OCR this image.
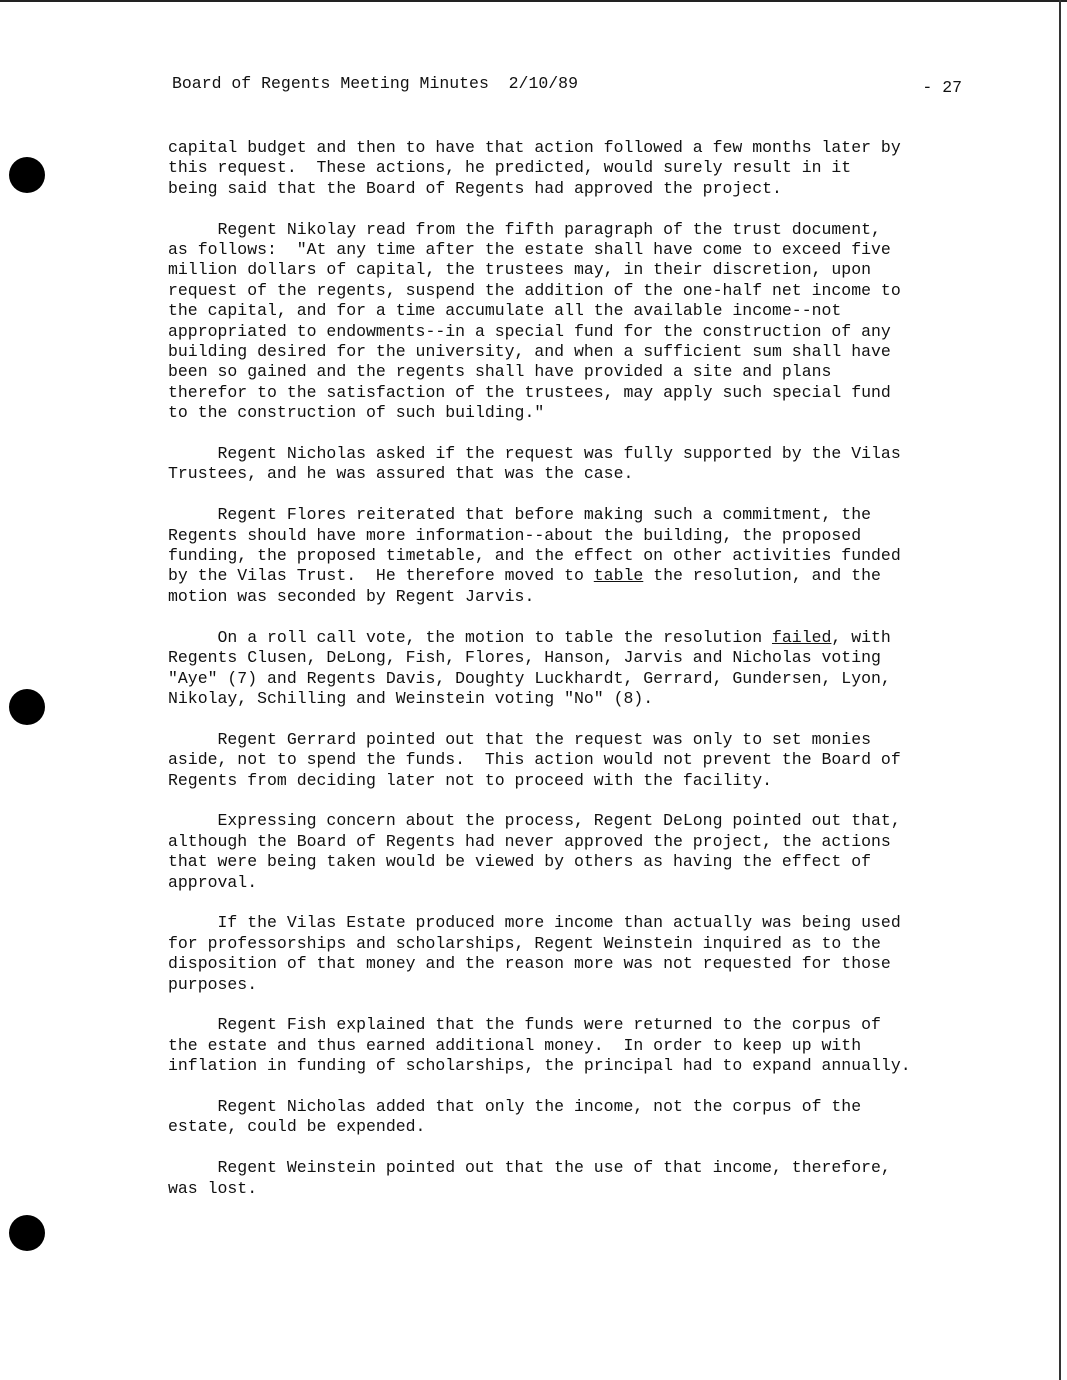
Board of Regents Meeting Minutes  2/10/89	- 27
capital budget and then to have that action followed a few months later by
this request.  These actions, he predicted, would surely result in it
being said that the Board of Regents had approved the project.
Regent Nikolay read from the fifth paragraph of the trust document,
as follows:  "At any time after the estate shall have come to exceed five
million dollars of capital, the trustees may, in their discretion, upon
request of the regents, suspend the addition of the one-half net income to
the capital, and for a time accumulate all the available income--not
appropriated to endowments--in a special fund for the construction of any
building desired for the university, and when a sufficient sum shall have
been so gained and the regents shall have provided a site and plans
therefor to the satisfaction of the trustees, may apply such special fund
to the construction of such building."
Regent Nicholas asked if the request was fully supported by the Vilas
Trustees, and he was assured that was the case.
Regent Flores reiterated that before making such a commitment, the
Regents should have more information--about the building, the proposed
funding, the proposed timetable, and the effect on other activities funded
by the Vilas Trust.  He therefore moved to table the resolution, and the
motion was seconded by Regent Jarvis.
On a roll call vote, the motion to table the resolution failed, with
Regents Clusen, DeLong, Fish, Flores, Hanson, Jarvis and Nicholas voting
"Aye" (7) and Regents Davis, Doughty Luckhardt, Gerrard, Gundersen, Lyon,
Nikolay, Schilling and Weinstein voting "No" (8).
Regent Gerrard pointed out that the request was only to set monies
aside, not to spend the funds.  This action would not prevent the Board of
Regents from deciding later not to proceed with the facility.
Expressing concern about the process, Regent DeLong pointed out that,
although the Board of Regents had never approved the project, the actions
that were being taken would be viewed by others as having the effect of
approval.
If the Vilas Estate produced more income than actually was being used
for professorships and scholarships, Regent Weinstein inquired as to the
disposition of that money and the reason more was not requested for those
purposes.
Regent Fish explained that the funds were returned to the corpus of
the estate and thus earned additional money.  In order to keep up with
inflation in funding of scholarships, the principal had to expand annually.
Regent Nicholas added that only the income, not the corpus of the
estate, could be expended.
Regent Weinstein pointed out that the use of that income, therefore,
was lost.
